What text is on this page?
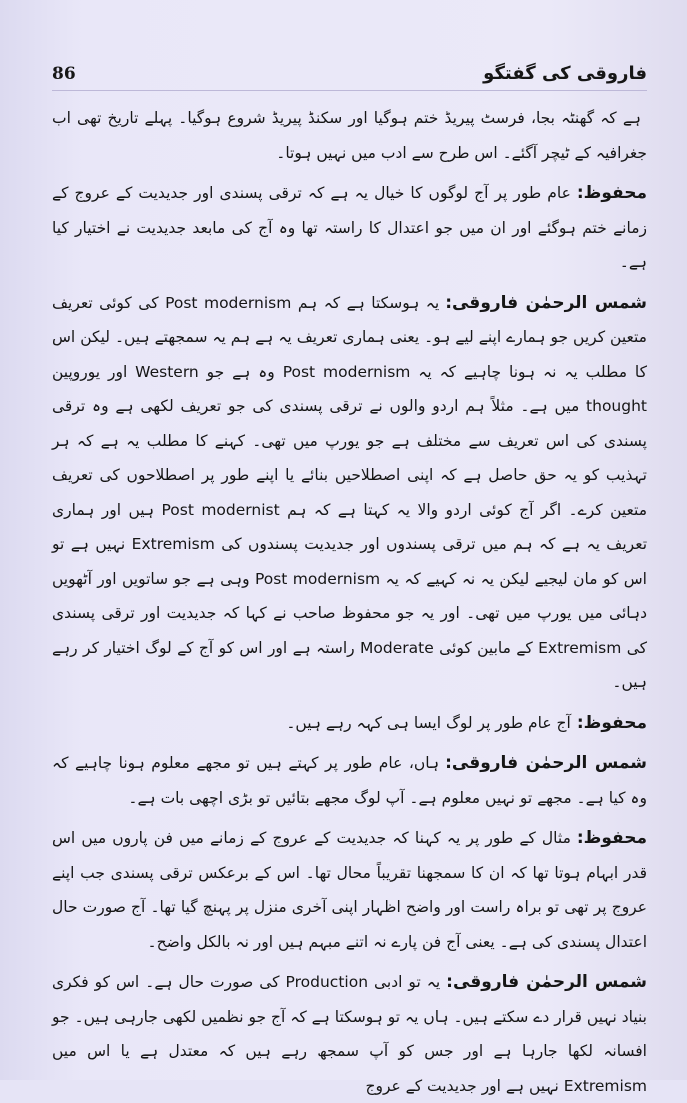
86	فاروقی کی گفتگو

ہے کہ گھنٹہ بجا، فرسٹ پیریڈ ختم ہوگیا اور سکنڈ پیریڈ شروع ہوگیا۔ پہلے تاریخ تھی اب جغرافیہ کے ٹیچر آگئے۔ اس طرح سے ادب میں نہیں ہوتا۔

محفوظ:عام طور پر آج لوگوں کا خیال یہ ہے کہ ترقی پسندی اور جدیدیت کے عروج کے زمانے ختم ہوگئے اور ان میں جو اعتدال کا راستہ تھا وہ آج کی مابعد جدیدیت نے اختیار کیا ہے۔

شمس الرحمٰن فاروقی:یہ ہوسکتا ہے کہ ہم Post modernism کی کوئی تعریف متعین کریں جو ہمارے اپنے لیے ہو۔ یعنی ہماری تعریف یہ ہے ہم یہ سمجھتے ہیں۔ لیکن اس کا مطلب یہ نہ ہونا چاہیے کہ یہ Post modernism وہ ہے جو Western اور یوروپین thought میں ہے۔ مثلاً ہم اردو والوں نے ترقی پسندی کی جو تعریف لکھی ہے وہ ترقی پسندی کی اس تعریف سے مختلف ہے جو یورپ میں تھی۔ کہنے کا مطلب یہ ہے کہ ہر تہذیب کو یہ حق حاصل ہے کہ اپنی اصطلاحیں بنائے یا اپنے طور پر اصطلاحوں کی تعریف متعین کرے۔ اگر آج کوئی اردو والا یہ کہتا ہے کہ ہم Post modernist ہیں اور ہماری تعریف یہ ہے کہ ہم میں ترقی پسندوں اور جدیدیت پسندوں کی Extremism نہیں ہے تو اس کو مان لیجیے لیکن یہ نہ کہیے کہ یہ Post modernism وہی ہے جو ساتویں اور آٹھویں دہائی میں یورپ میں تھی۔ اور یہ جو محفوظ صاحب نے کہا کہ جدیدیت اور ترقی پسندی کی Extremism کے مابین کوئی Moderate راستہ ہے اور اس کو آج کے لوگ اختیار کر رہے ہیں۔

محفوظ:آج عام طور پر لوگ ایسا ہی کہہ رہے ہیں۔

شمس الرحمٰن فاروقی:ہاں، عام طور پر کہتے ہیں تو مجھے معلوم ہونا چاہیے کہ وہ کیا ہے۔ مجھے تو نہیں معلوم ہے۔ آپ لوگ مجھے بتائیں تو بڑی اچھی بات ہے۔

محفوظ:مثال کے طور پر یہ کہنا کہ جدیدیت کے عروج کے زمانے میں فن پاروں میں اس قدر ابہام ہوتا تھا کہ ان کا سمجھنا تقریباً محال تھا۔ اس کے برعکس ترقی پسندی جب اپنے عروج پر تھی تو براہ راست اور واضح اظہار اپنی آخری منزل پر پہنچ گیا تھا۔ آج صورت حال اعتدال پسندی کی ہے۔ یعنی آج فن پارے نہ اتنے مبہم ہیں اور نہ بالکل واضح۔

شمس الرحمٰن فاروقی:یہ تو ادبی Production کی صورت حال ہے۔ اس کو فکری بنیاد نہیں قرار دے سکتے ہیں۔ ہاں یہ تو ہوسکتا ہے کہ آج جو نظمیں لکھی جارہی ہیں۔ جو افسانہ لکھا جارہا ہے اور جس کو آپ سمجھ رہے ہیں کہ معتدل ہے یا اس میں Extremism نہیں ہے اور جدیدیت کے عروج
